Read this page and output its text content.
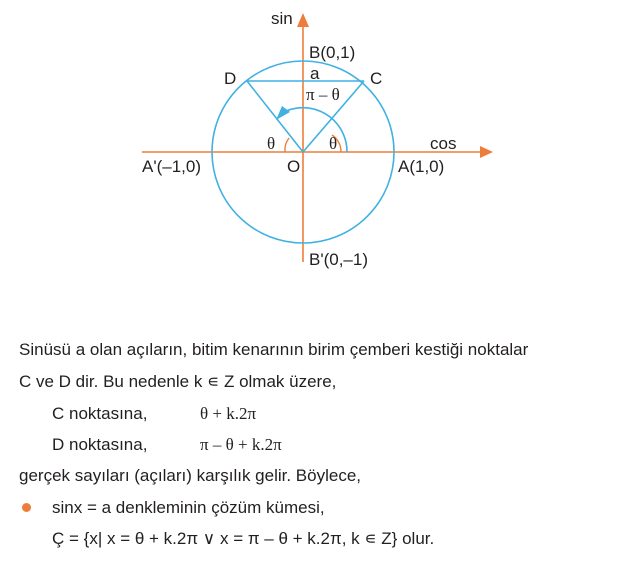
sin
B(0,1)
a	C
D
π – θ
θ	θ	cos
O	A(1,0)
A'(–1,0)
B'(0,–1)
Sinüsü a olan açıların, bitim kenarının birim çemberi kestiği noktalar
C ve D dir. Bu nedenle k ∊ Z olmak üzere,
C noktasına,	θ + k.2π
D noktasına,	π – θ + k.2π
gerçek sayıları (açıları) karşılık gelir. Böylece,
sinx = a denkleminin çözüm kümesi,
Ç = {x| x = θ + k.2π ∨ x = π – θ + k.2π, k ∊ Z} olur.
